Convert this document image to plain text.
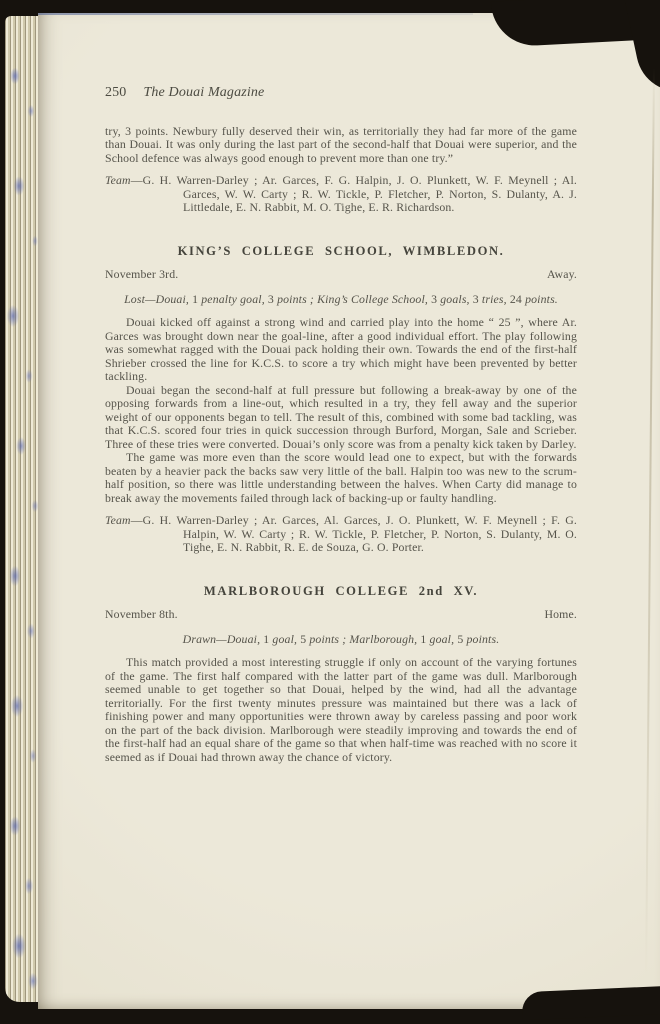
250 The Douai Magazine
try, 3 points. Newbury fully deserved their win, as territorially they had far more of the game than Douai. It was only during the last part of the second-half that Douai were superior, and the School defence was always good enough to prevent more than one try.”
Team—G. H. Warren-Darley ; Ar. Garces, F. G. Halpin, J. O. Plunkett, W. F. Meynell ; Al. Garces, W. W. Carty ; R. W. Tickle, P. Fletcher, P. Norton, S. Dulanty, A. J. Littledale, E. N. Rabbit, M. O. Tighe, E. R. Richardson.
KING’S COLLEGE SCHOOL, WIMBLEDON.
November 3rd.	Away.
Lost—Douai, 1 penalty goal, 3 points ; King’s College School, 3 goals, 3 tries, 24 points.
Douai kicked off against a strong wind and carried play into the home “ 25 ”, where Ar. Garces was brought down near the goal-line, after a good individual effort. The play following was somewhat ragged with the Douai pack holding their own. Towards the end of the first-half Shrieber crossed the line for K.C.S. to score a try which might have been prevented by better tackling.
Douai began the second-half at full pressure but following a break-away by one of the opposing forwards from a line-out, which resulted in a try, they fell away and the superior weight of our opponents began to tell. The result of this, combined with some bad tackling, was that K.C.S. scored four tries in quick succession through Burford, Morgan, Sale and Scrieber. Three of these tries were converted. Douai’s only score was from a penalty kick taken by Darley.
The game was more even than the score would lead one to expect, but with the forwards beaten by a heavier pack the backs saw very little of the ball. Halpin too was new to the scrum-half position, so there was little understanding between the halves. When Carty did manage to break away the movements failed through lack of backing-up or faulty handling.
Team—G. H. Warren-Darley ; Ar. Garces, Al. Garces, J. O. Plunkett, W. F. Meynell ; F. G. Halpin, W. W. Carty ; R. W. Tickle, P. Fletcher, P. Norton, S. Dulanty, M. O. Tighe, E. N. Rabbit, R. E. de Souza, G. O. Porter.
MARLBOROUGH COLLEGE 2nd XV.
November 8th.	Home.
Drawn—Douai, 1 goal, 5 points ; Marlborough, 1 goal, 5 points.
This match provided a most interesting struggle if only on account of the varying fortunes of the game. The first half compared with the latter part of the game was dull. Marlborough seemed unable to get together so that Douai, helped by the wind, had all the advantage territorially. For the first twenty minutes pressure was maintained but there was a lack of finishing power and many opportunities were thrown away by careless passing and poor work on the part of the back division. Marlborough were steadily improving and towards the end of the first-half had an equal share of the game so that when half-time was reached with no score it seemed as if Douai had thrown away the chance of victory.
